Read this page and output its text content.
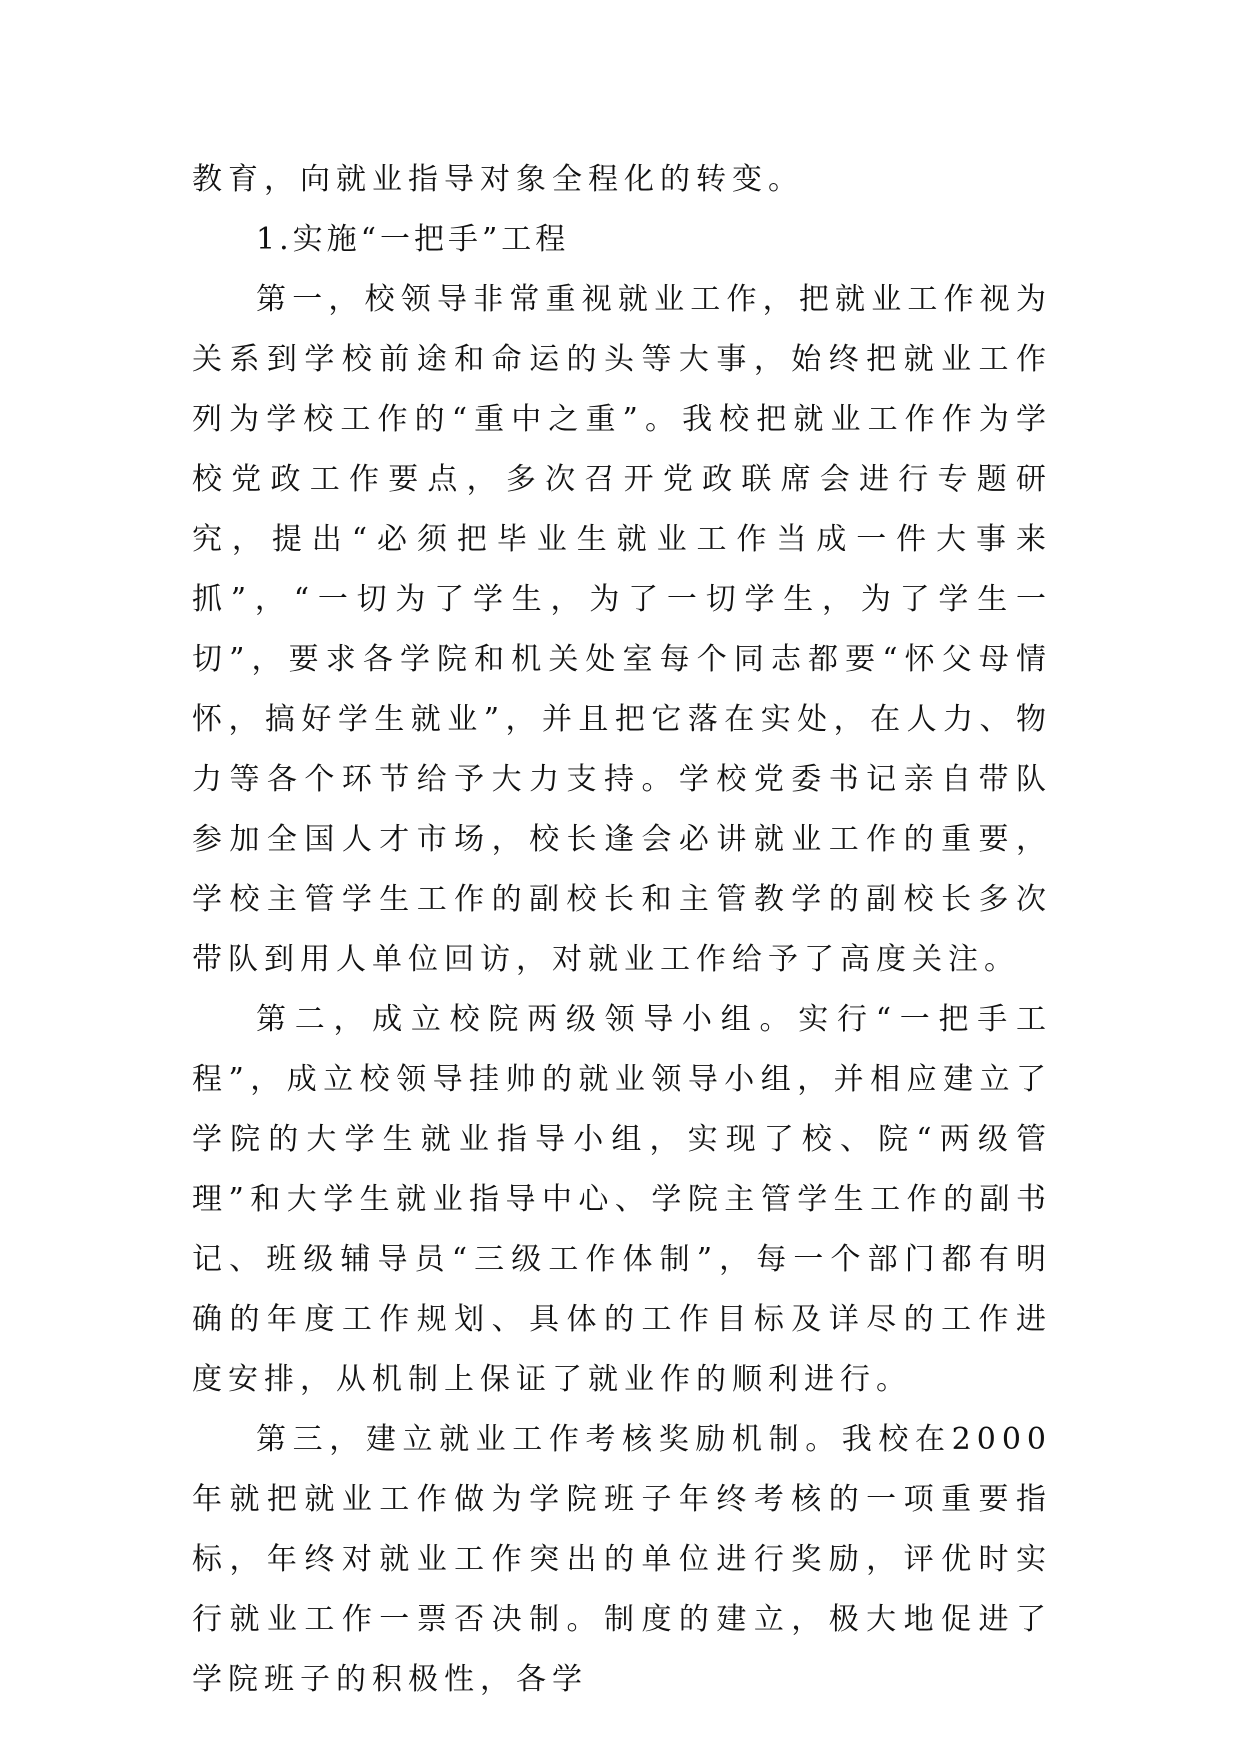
教育，向就业指导对象全程化的转变。

1.实施“一把手”工程

第一，校领导非常重视就业工作，把就业工作视为关系到学校前途和命运的头等大事，始终把就业工作列为学校工作的“重中之重”。我校把就业工作作为学校党政工作要点，多次召开党政联席会进行专题研究，提出“必须把毕业生就业工作当成一件大事来抓”，“一切为了学生，为了一切学生，为了学生一切”，要求各学院和机关处室每个同志都要“怀父母情怀，搞好学生就业”，并且把它落在实处，在人力、物力等各个环节给予大力支持。学校党委书记亲自带队参加全国人才市场，校长逢会必讲就业工作的重要，学校主管学生工作的副校长和主管教学的副校长多次带队到用人单位回访，对就业工作给予了高度关注。

第二，成立校院两级领导小组。实行“一把手工程”，成立校领导挂帅的就业领导小组，并相应建立了学院的大学生就业指导小组，实现了校、院“两级管理”和大学生就业指导中心、学院主管学生工作的副书记、班级辅导员“三级工作体制”，每一个部门都有明确的年度工作规划、具体的工作目标及详尽的工作进度安排，从机制上保证了就业作的顺利进行。

第三，建立就业工作考核奖励机制。我校在2000年就把就业工作做为学院班子年终考核的一项重要指标，年终对就业工作突出的单位进行奖励，评优时实行就业工作一票否决制。制度的建立，极大地促进了学院班子的积极性，各学
